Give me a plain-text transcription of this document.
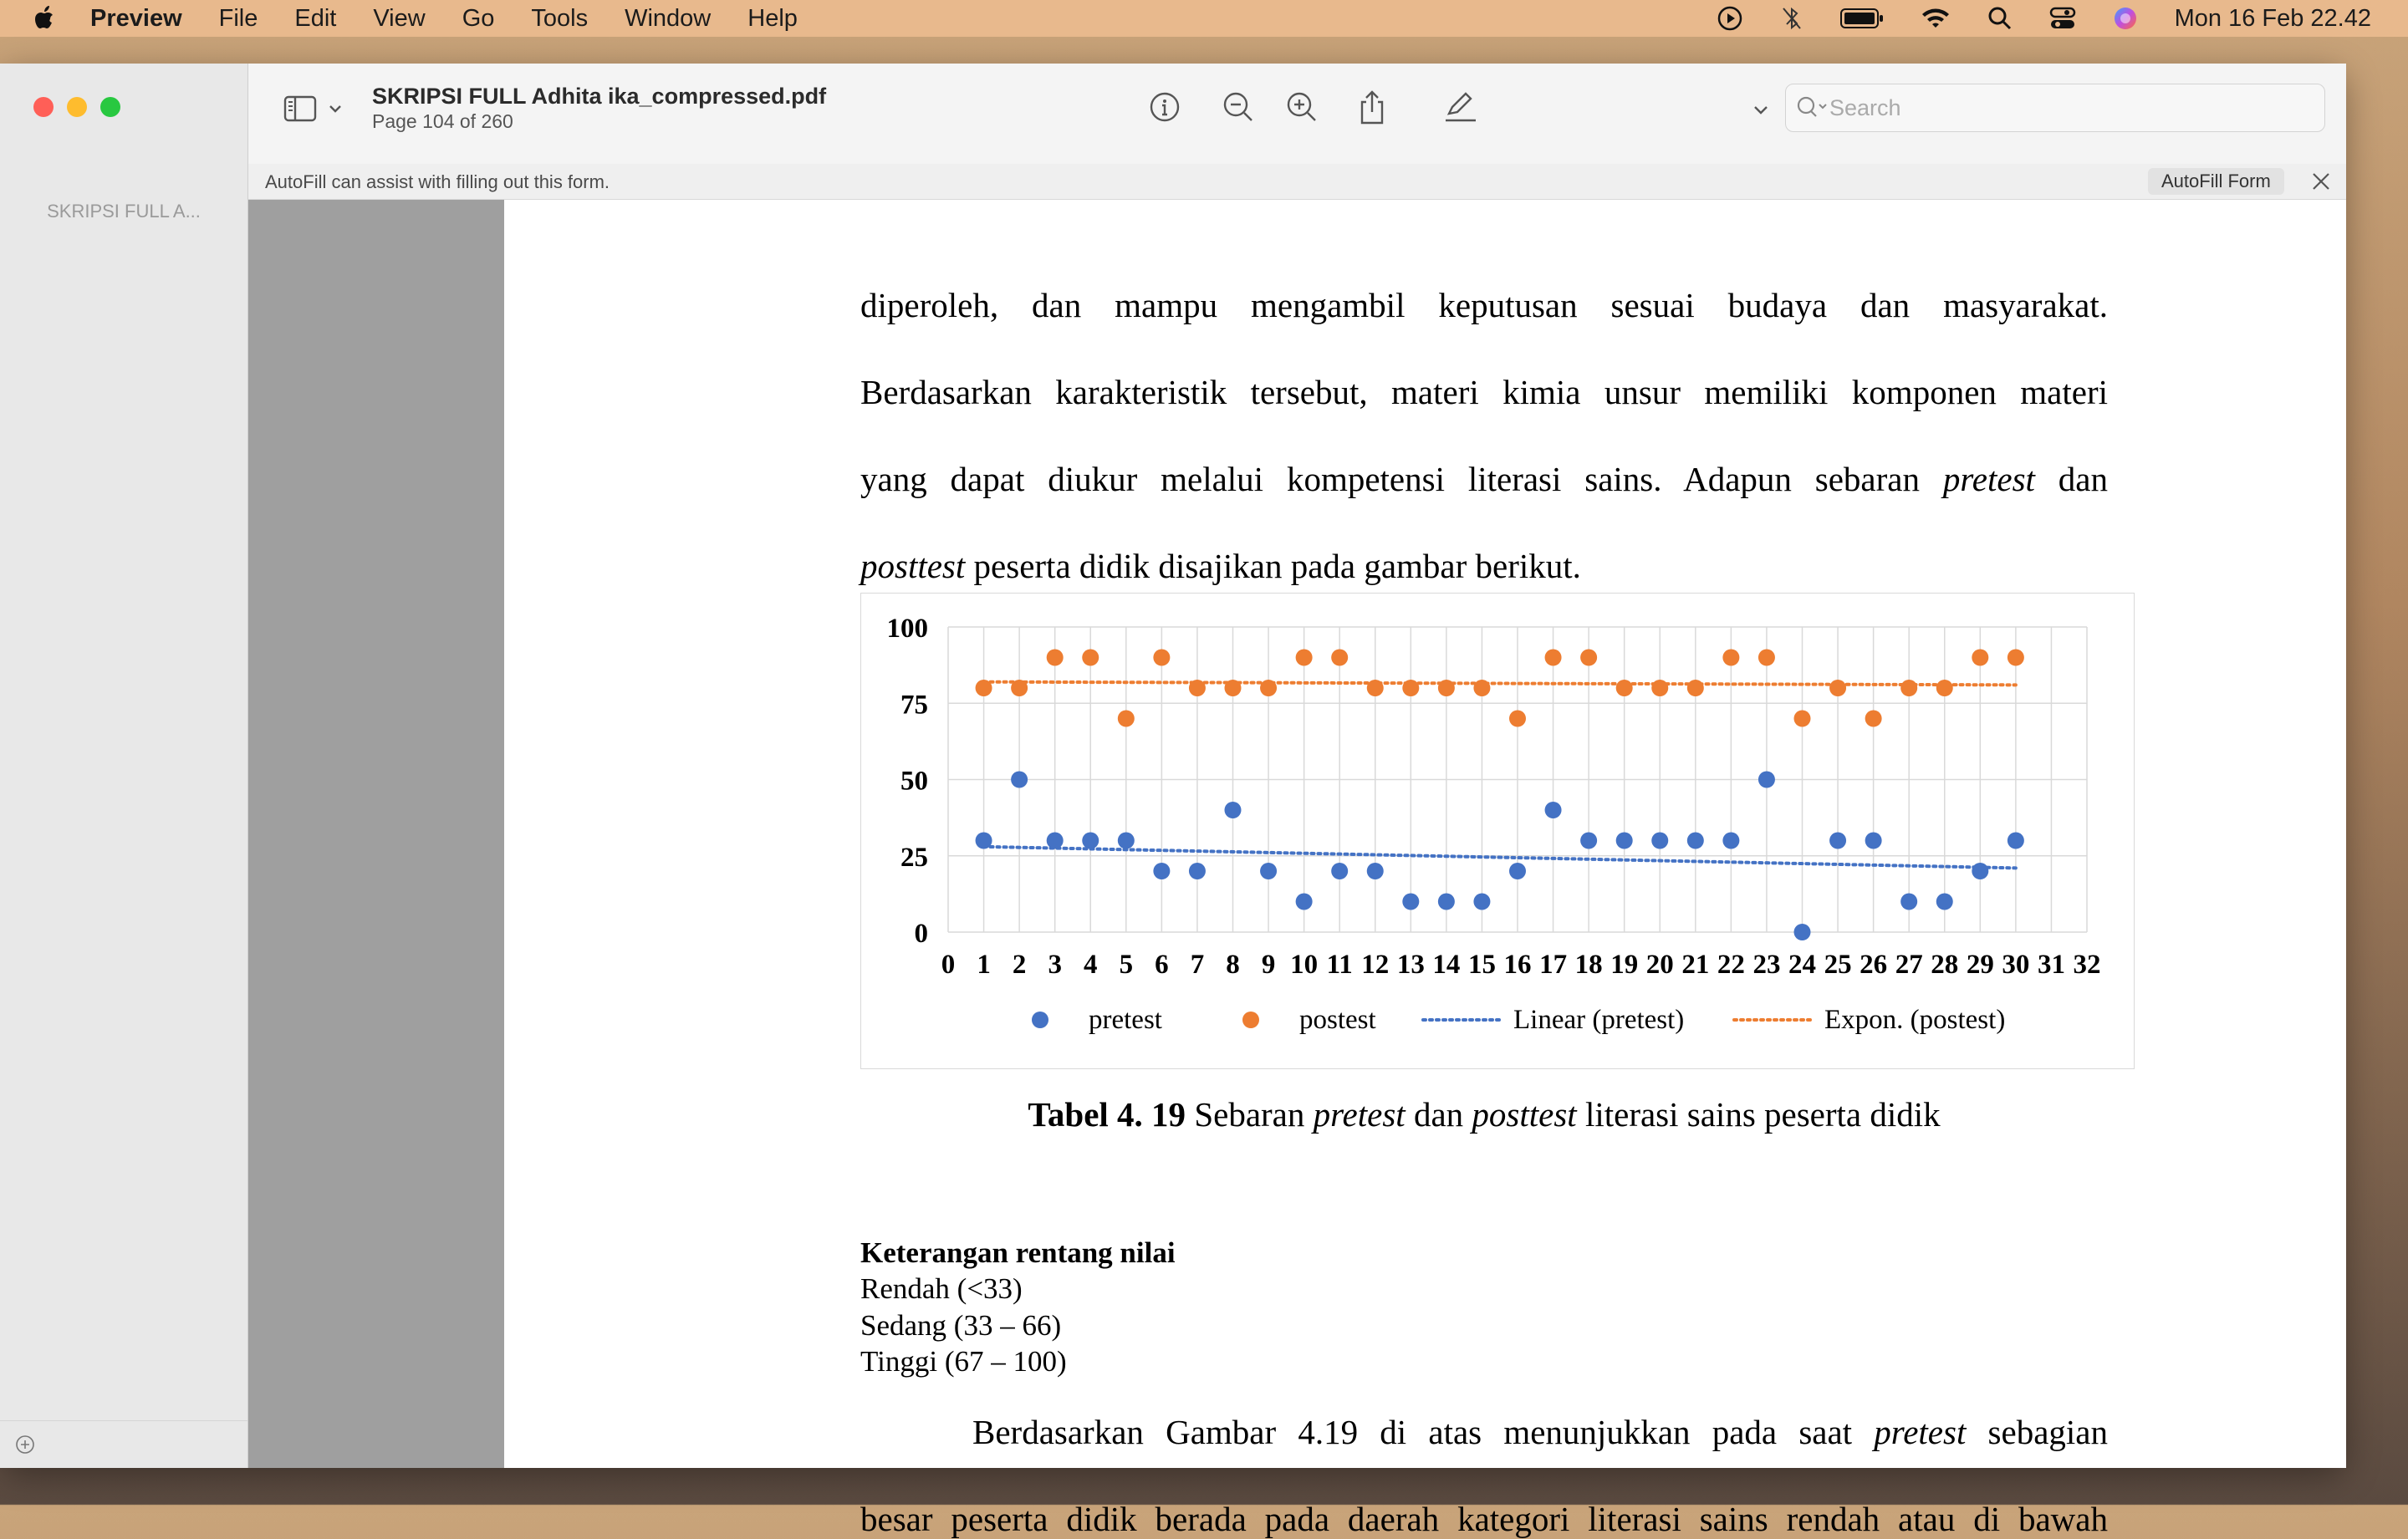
Preview File Edit View Go Tools Window Help	Mon 16 Feb 22.42
SKRIPSI FULL A...
SKRIPSI FULL Adhita ika_compressed.pdf
Page 104 of 260
Search
AutoFill can assist with filling out this form.	AutoFill Form
diperoleh, dan mampu mengambil keputusan sesuai budaya dan masyarakat.
Berdasarkan karakteristik tersebut, materi kimia unsur memiliki komponen materi
yang dapat diukur melalui kompetensi literasi sains. Adapun sebaran pretest dan
posttest peserta didik disajikan pada gambar berikut.
0 1 2 3 4 5 6 7 8 9 10 11 12 13 14 15 16 17 18 19 20 21 22 23 24 25 26 27 28 29 30 31 32
0
25
50
75
100
pretest	postest	Linear (pretest)	Expon. (postest)
Tabel 4. 19 Sebaran pretest dan posttest literasi sains peserta didik
Keterangan rentang nilai
Rendah (<33)
Sedang (33 – 66)
Tinggi (67 – 100)
Berdasarkan Gambar 4.19 di atas menunjukkan pada saat pretest sebagian
besar peserta didik berada pada daerah kategori literasi sains rendah atau di bawah
